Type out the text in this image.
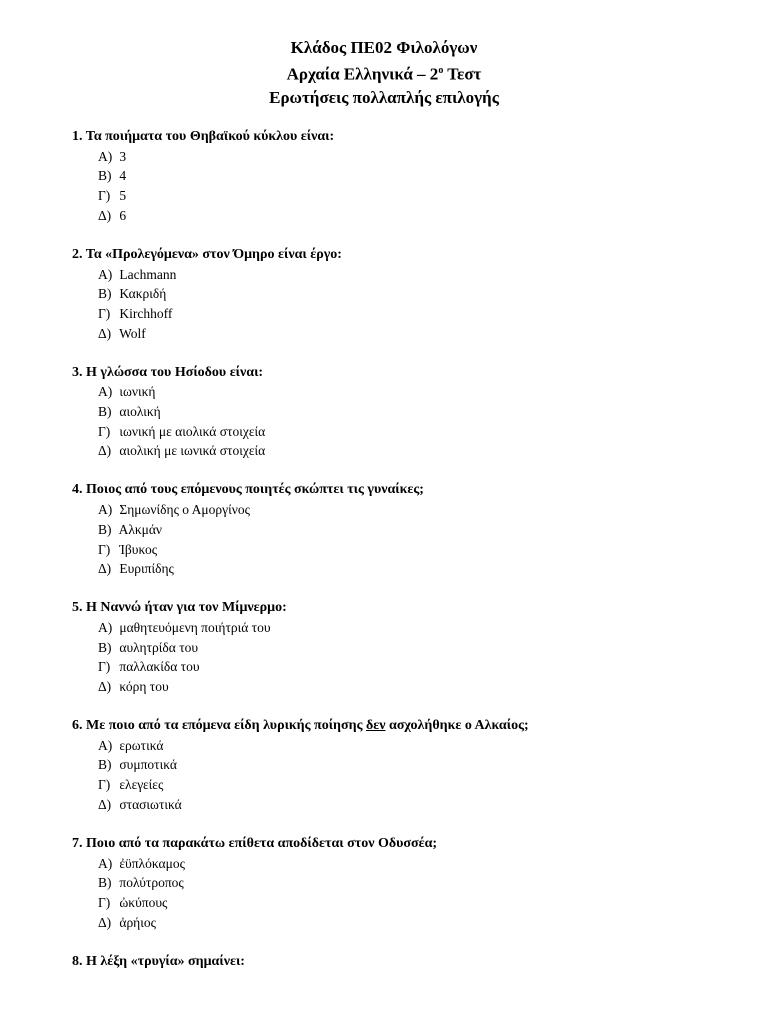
Κλάδος ΠΕ02 Φιλολόγων
Αρχαία Ελληνικά – $2^o$ Τεστ
Ερωτήσεις πολλαπλής επιλογής
1. Τα ποιήματα του Θηβαϊκού κύκλου είναι:
Α) 3
Β) 4
Γ) 5
Δ) 6
2. Τα «Προλεγόμενα» στον Όμηρο είναι έργο:
Α) Lachmann
Β) Κακριδή
Γ) Kirchhoff
Δ) Wolf
3. Η γλώσσα του Ησίοδου είναι:
Α) ιωνική
Β) αιολική
Γ) ιωνική με αιολικά στοιχεία
Δ) αιολική με ιωνικά στοιχεία
4. Ποιος από τους επόμενους ποιητές σκώπτει τις γυναίκες;
Α) Σημωνίδης ο Αμοργίνος
Β) Αλκμάν
Γ) Ίβυκος
Δ) Ευριπίδης
5. Η Ναννώ ήταν για τον Μίμνερμο:
Α) μαθητευόμενη ποιήτριά του
Β) αυλητρίδα του
Γ) παλλακίδα του
Δ) κόρη του
6. Με ποιο από τα επόμενα είδη λυρικής ποίησης δεν ασχολήθηκε ο Αλκαίος;
Α) ερωτικά
Β) συμποτικά
Γ) ελεγείες
Δ) στασιωτικά
7. Ποιο από τα παρακάτω επίθετα αποδίδεται στον Οδυσσέα;
Α) ἐϋπλόκαμος
Β) πολύτροπος
Γ) ὠκύπους
Δ) ἀρήιος
8. Η λέξη «τρυγία» σημαίνει:
